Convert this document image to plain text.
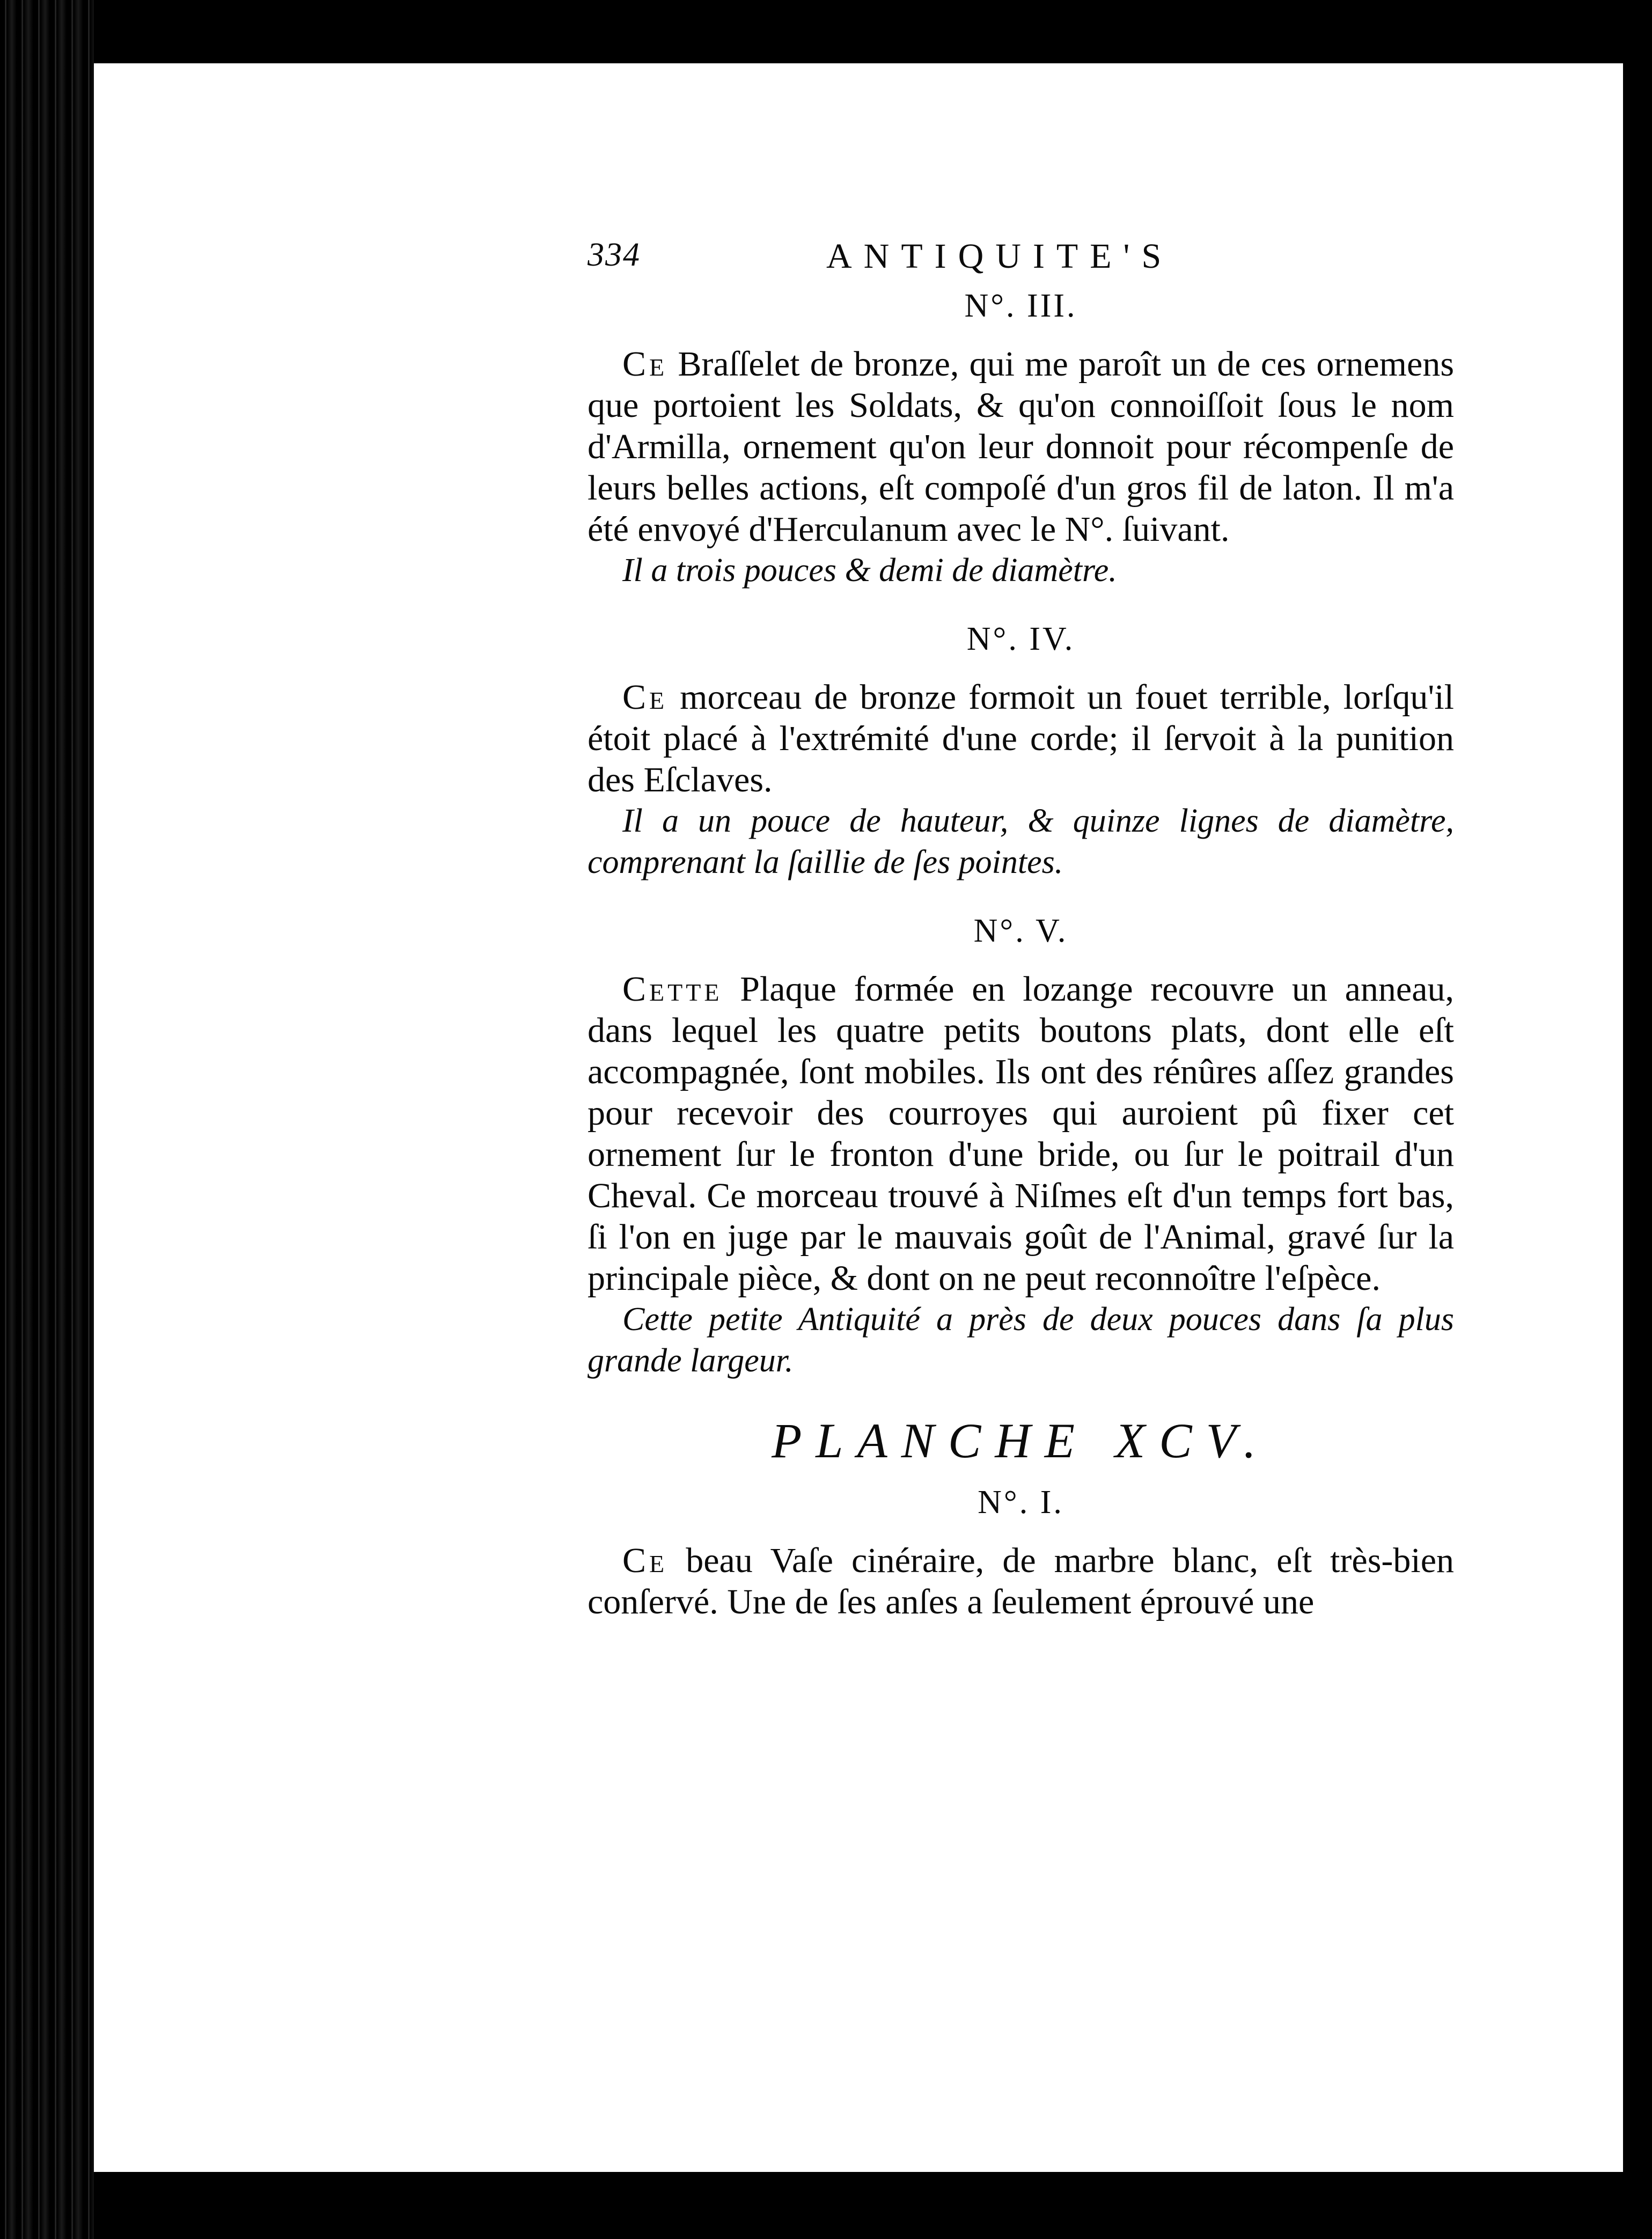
334	ANTIQUITE'S
N°. III.

Ce Braſſelet de bronze, qui me paroît un de ces ornemens que portoient les Soldats, & qu'on connoiſſoit ſous le nom d'Armilla, ornement qu'on leur donnoit pour récompenſe de leurs belles actions, eſt compoſé d'un gros fil de laton. Il m'a été envoyé d'Herculanum avec le N°. ſuivant.

Il a trois pouces & demi de diamètre.

N°. IV.

Ce morceau de bronze formoit un fouet terrible, lorſqu'il étoit placé à l'extrémité d'une corde; il ſervoit à la punition des Eſclaves.

Il a un pouce de hauteur, & quinze lignes de diamètre, comprenant la ſaillie de ſes pointes.

N°. V.

Cette Plaque formée en lozange recouvre un anneau, dans lequel les quatre petits boutons plats, dont elle eſt accompagnée, ſont mobiles. Ils ont des rénûres aſſez grandes pour recevoir des courroyes qui auroient pû fixer cet ornement ſur le fronton d'une bride, ou ſur le poitrail d'un Cheval. Ce morceau trouvé à Niſmes eſt d'un temps fort bas, ſi l'on en juge par le mauvais goût de l'Animal, gravé ſur la principale pièce, & dont on ne peut reconnoître l'eſpèce.

Cette petite Antiquité a près de deux pouces dans ſa plus grande largeur.

PLANCHE XCV.
N°. I.

Ce beau Vaſe cinéraire, de marbre blanc, eſt très-bien conſervé. Une de ſes anſes a ſeulement éprouvé une
